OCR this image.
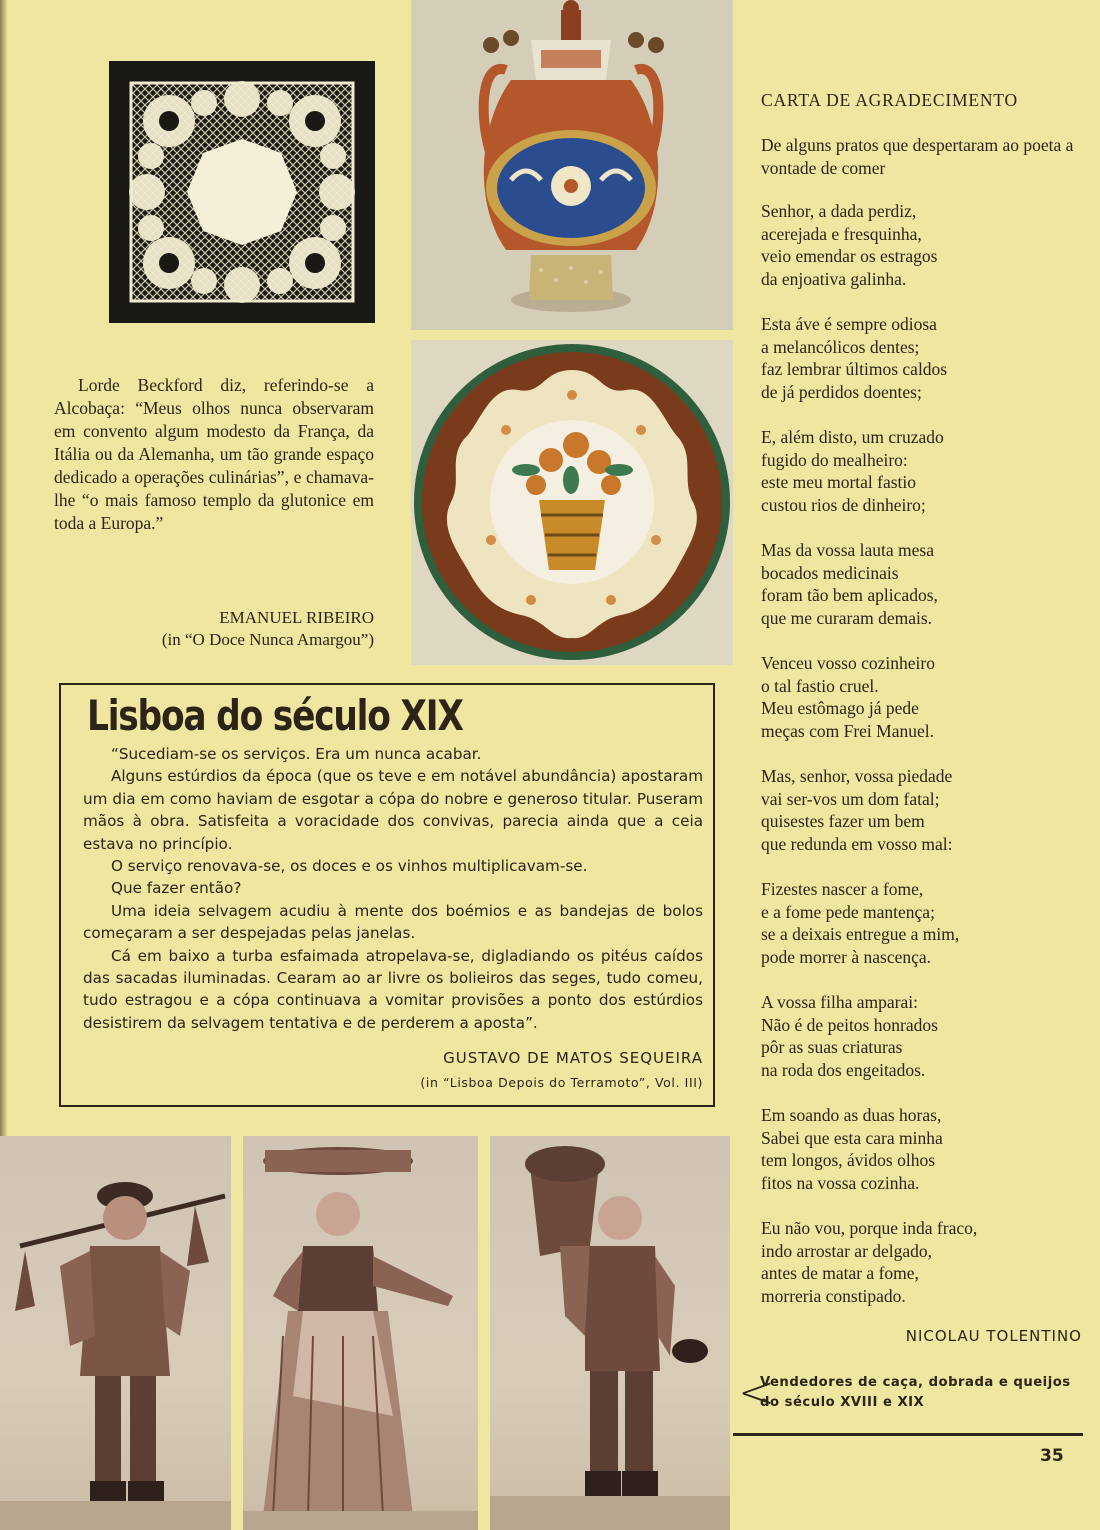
Lorde Beckford diz, referindo-se a Alcobaça: “Meus olhos nunca observaram em convento algum modesto da França, da Itália ou da Alemanha, um tão grande espaço dedicado a operações culinárias”, e chamava-lhe “o mais famoso templo da glutonice em toda a Europa.”
EMANUEL RIBEIRO
(in “O Doce Nunca Amargou”)
Lisboa do século XIX

“Sucediam-se os serviços. Era um nunca acabar.

Alguns estúrdios da época (que os teve e em notável abundância) apostaram um dia em como haviam de esgotar a cópa do nobre e generoso titular. Puseram mãos à obra. Satisfeita a voracidade dos convivas, parecia ainda que a ceia estava no princípio.

O serviço renovava-se, os doces e os vinhos multiplicavam-se.

Que fazer então?

Uma ideia selvagem acudiu à mente dos boémios e as bandejas de bolos começaram a ser despejadas pelas janelas.

Cá em baixo a turba esfaimada atropelava-se, digladiando os pitéus caídos das sacadas iluminadas. Cearam ao ar livre os bolieiros das seges, tudo comeu, tudo estragou e a cópa continuava a vomitar provisões a ponto dos estúrdios desistirem da selvagem tentativa e de perderem a aposta”.

GUSTAVO DE MATOS SEQUEIRA
(in “Lisboa Depois do Terramoto”, Vol. III)
CARTA DE AGRADECIMENTO
De alguns pratos que despertaram ao poeta a vontade de comer
Senhor, a dada perdiz,
acerejada e fresquinha,
veio emendar os estragos
da enjoativa galinha.
Esta áve é sempre odiosa
a melancólicos dentes;
faz lembrar últimos caldos
de já perdidos doentes;
E, além disto, um cruzado
fugido do mealheiro:
este meu mortal fastio
custou rios de dinheiro;
Mas da vossa lauta mesa
bocados medicinais
foram tão bem aplicados,
que me curaram demais.
Venceu vosso cozinheiro
o tal fastio cruel.
Meu estômago já pede
meças com Frei Manuel.
Mas, senhor, vossa piedade
vai ser-vos um dom fatal;
quisestes fazer um bem
que redunda em vosso mal:
Fizestes nascer a fome,
e a fome pede mantença;
se a deixais entregue a mim,
pode morrer à nascença.
A vossa filha amparai:
Não é de peitos honrados
pôr as suas criaturas
na roda dos engeitados.
Em soando as duas horas,
Sabei que esta cara minha
tem longos, ávidos olhos
fitos na vossa cozinha.
Eu não vou, porque inda fraco,
indo arrostar ar delgado,
antes de matar a fome,
morreria constipado.
NICOLAU TOLENTINO
<
Vendedores de caça, dobrada e queijos do século XVIII e XIX
35
